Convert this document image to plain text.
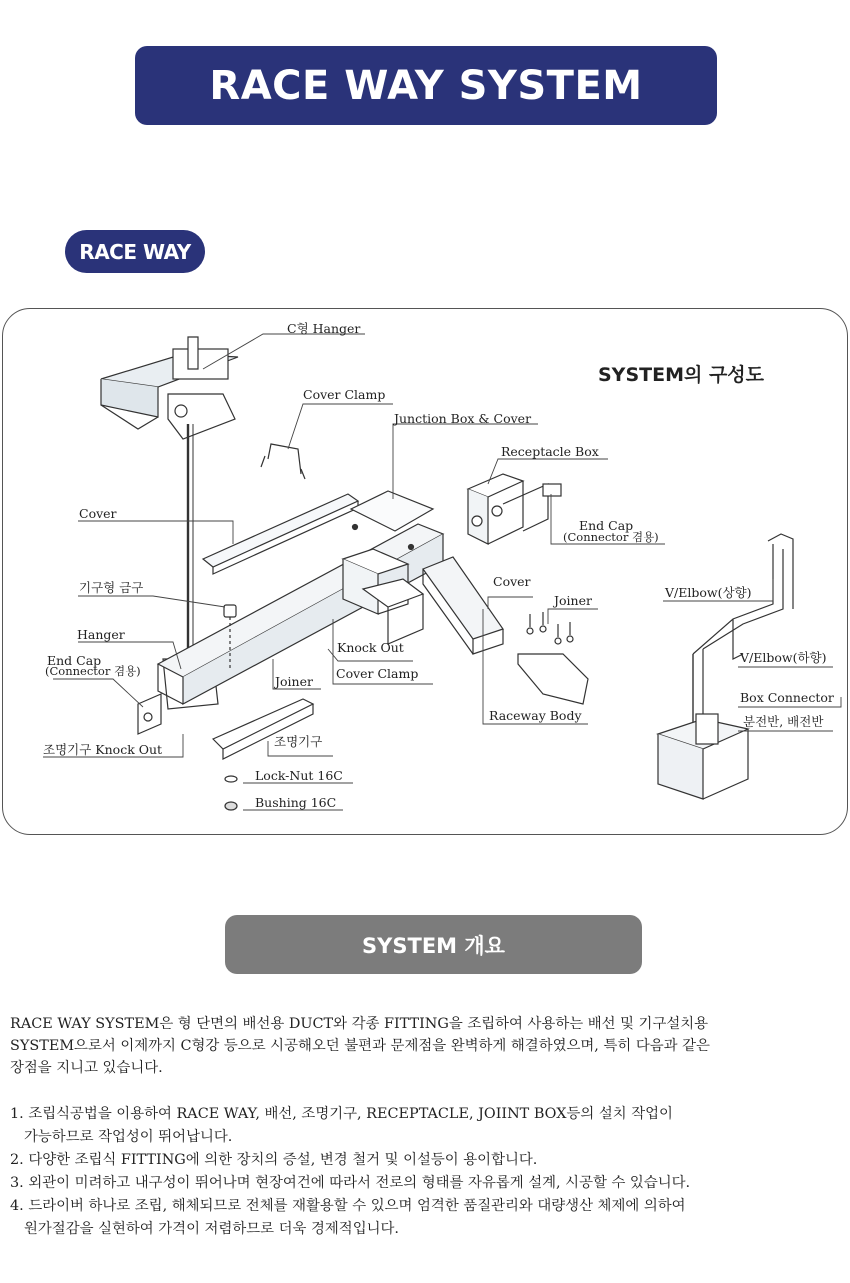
RACE WAY SYSTEM
RACE WAY
SYSTEM의 구성도
C형 Hanger
Cover Clamp
Junction Box & Cover
Receptacle Box
Cover
End Cap
(Connector 겸용)
기구형 금구	Cover
Joiner
V/Elbow(상향)
Hanger
End Cap
(Connector 겸용)
Knock Out
Cover Clamp
Joiner
V/Elbow(하향)
Box Connector
분전반, 배전반
Raceway Body
조명기구 Knock Out
조명기구
Lock-Nut 16C
Bushing 16C
SYSTEM 개요

RACE WAY SYSTEM은 형 단면의 배선용 DUCT와 각종 FITTING을 조립하여 사용하는 배선 및 기구설치용

SYSTEM으로서 이제까지 C형강 등으로 시공해오던 불편과 문제점을 완벽하게 해결하였으며, 특히 다음과 같은

장점을 지니고 있습니다.

1. 조립식공법을 이용하여 RACE WAY, 배선, 조명기구, RECEPTACLE, JOIINT BOX등의 설치 작업이
가능하므로 작업성이 뛰어납니다.
2. 다양한 조립식 FITTING에 의한 장치의 증설, 변경 철거 및 이설등이 용이합니다.
3. 외관이 미려하고 내구성이 뛰어나며 현장여건에 따라서 전로의 형태를 자유롭게 설계, 시공할 수 있습니다.
4. 드라이버 하나로 조립, 해체되므로 전체를 재활용할 수 있으며 엄격한 품질관리와 대량생산 체제에 의하여
원가절감을 실현하여 가격이 저렴하므로 더욱 경제적입니다.
